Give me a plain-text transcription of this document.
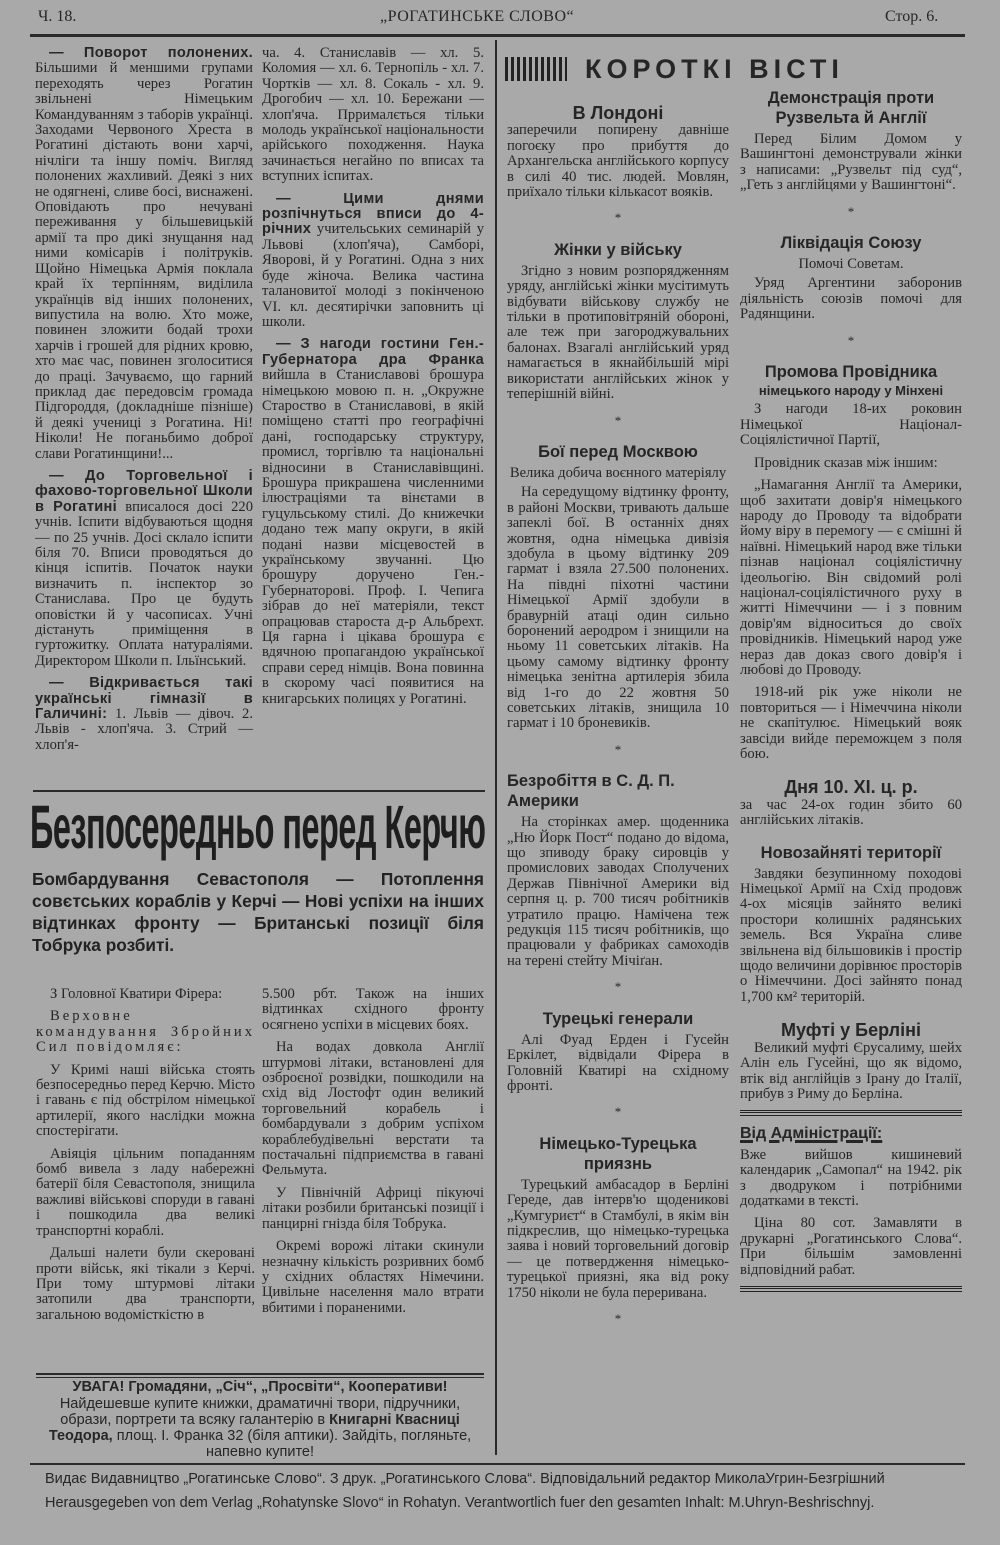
Ч. 18.	„РОГАТИНСЬКЕ СЛОВО“	Стор. 6.

— Поворот полонених. Більшими й меншими групами переходять через Рогатин звільнені Німецьким Командуванням з таборів українці. Заходами Червоного Хреста в Рогатині дістають вони харчі, нічліги та іншу поміч. Вигляд полонених жахливий. Деякі з них не одягнені, сливе босі, виснажені. Оповідають про нечувані переживання у більшевицькій армії та про дикі знущання над ними комісарів і політруків. Щойно Німецька Армія поклала край їх терпінням, виділила українців від інших полонених, випустила на волю. Хто може, повинен зложити бодай трохи харчів і грошей для рідних кровю, хто має час, повинен зголоситися до праці. Зачуваємо, що гарний приклад дає передовсім громада Підгороддя, (докладніше пізніше) й деякі учениці з Рогатина. Ні! Ніколи! Не поганьбимо доброї слави Рогатинщини!...

— До Торговельної і фахово-торговельної Школи в Рогатині вписалося досі 220 учнів. Іспити відбуваються щодня — по 25 учнів. Досі склало іспити біля 70. Вписи проводяться до кінця іспитів. Початок науки визначить п. інспектор зо Станислава. Про це будуть оповістки й у часописах. Учні дістануть приміщення в гуртожитку. Оплата натураліями. Директором Школи п. Ільїнський.

— Відкривається такі українські гімназії в Галичині: 1. Львів — дівоч. 2. Львів - хлоп'яча. 3. Стрий — хлоп'я-

ча. 4. Станиславів — хл. 5. Коломия — хл. 6. Тернопіль - хл. 7. Чортків — хл. 8. Сокаль - хл. 9. Дрогобич — хл. 10. Бережани — хлоп'яча. Пррималється тільки молодь української національности арійського походження. Наука зачинається негайно по вписах та вступних іспитах.

— Цими днями розпічнуться вписи до 4-річних учительських семинарій у Львові (хлоп'яча), Самборі, Яворові, й у Рогатині. Одна з них буде жіноча. Велика частина талановитої молоді з покінченою VI. кл. десятирічки заповнить ці школи.

— З нагоди гостини Ген.-Губернатора дра Франка вийшла в Станиславові брошура німецькою мовою п. н. „Окружне Староство в Станиславові, в якій поміщено статті про географічні дані, господарську структуру, промисл, торгівлю та національні відносини в Станиславівщині. Брошура прикрашена численними ілюстраціями та вінєтами в гуцульському стилі. До книжечки додано теж мапу округи, в якій подані назви місцевостей в українському звучанні. Цю брошуру доручено Ген.-Губернаторові. Проф. І. Чепига зібрав до неї матеріяли, текст опрацював староста д-р Альбрехт. Ця гарна і цікава брошура є вдячною пропагандою української справи серед німців. Вона повинна в скорому часі появитися на книгарських полицях у Рогатині.

Безпосередньо перед Керчю
Бомбардування Севастополя — Потоплення совєтських кораблів у Керчі — Нові успіхи на інших відтинках фронту — Британські позиції біля Тобрука розбиті.

З Головної Кватири Фірера:

Верховне командування Збройних Сил повідомляє:

У Кримі наші війська стоять безпосередньо перед Керчю. Місто і гавань є під обстрілом німецької артилерії, якого наслідки можна спостерігати.

Авіяція цільним попаданням бомб вивела з ладу набережні батерії біля Севастополя, знищила важливі військові споруди в гавані і пошкодила два великі транспортні кораблі.

Дальші налети були скеровані проти військ, які тікали з Керчі. При тому штурмові літаки затопили два транспорти, загальною водомісткістю в

5.500 рбт. Також на інших відтинках східного фронту осягнено успіхи в місцевих боях.

На водах довкола Англії штурмові літаки, встановлені для озброєної розвідки, пошкодили на схід від Лостофт один великий торговельний корабель і бомбардували з добрим успіхом кораблебудівельні верстати та постачальні підприємства в гавані Фельмута.

У Північній Африці пікуючі літаки розбили британські позиції і панцирні гнізда біля Тобрука.

Окремі ворожі літаки скинули незначну кількість розривних бомб у східних областях Німечини. Цивільне населення мало втрати вбитими і пораненими.

УВАГА! Громадяни, „Січ“, „Просвіти“, Кооперативи!
Найдешевше купите книжки, драматичні твори, підручники, образи, портрети та всяку галантерію в Книгарні Квасниці Теодора, площ. І. Франка 32 (біля аптики). Зайдіть, погляньте, напевно купите!
КОРОТКІ ВІСТІ
В Лондоні

заперечили попирену давніше погоєку про прибуття до Архангельска англійського корпусу в силі 40 тис. людей. Мовлян, приїхало тільки кількасот вояків.

*
Жінки у війську

Згідно з новим розпорядженням уряду, англійські жінки мусітимуть відбувати військову службу не тільки в протиповітряній обороні, але теж при загороджувальних балонах. Взагалі англійський уряд намагається в якнайбільшій мірі використати англійських жінок у теперішній війні.

*
Бої перед Москвою
Велика добича воєнного матеріялу

На середущому відтинку фронту, в районі Москви, тривають дальше запеклі бої. В останніх днях жовтня, одна німецька дивізія здобула в цьому відтинку 209 гармат і взяла 27.500 полонених. На півдні піхотні частини Німецької Армії здобули в бравурній атаці один сильно боронений аеродром і знищили на ньому 11 советських літаків. На цьому самому відтинку фронту німецька зенітна артилерія збила від 1-го до 22 жовтня 50 советських літаків, знищила 10 гармат і 10 броневиків.

*
Безробіття в С. Д. П. Америки

На сторінках амер. щоденника „Ню Йорк Пост“ подано до відома, що зпиводу браку сировців у промислових заводах Сполучених Держав Північної Америки від серпня ц. р. 700 тисяч робітників утратило працю. Намічена теж редукція 115 тисяч робітників, що працювали у фабриках самоходів на терені стейту Мічіґан.

*
Турецькі генерали

Алі Фуад Ерден і Гусейн Еркілет, відвідали Фірера в Головній Кватирі на східному фронті.

*
Німецько-Турецька приязнь

Турецький амбасадор в Берліні Гереде, дав інтерв'ю щоденикові „Кумгуриєт“ в Стамбулі, в якім він підкреслив, що німецько-турецька заява і новий торговельний договір — це потвердження німецько-турецької приязні, яка від року 1750 ніколи не була переривана.

*
Демонстрація проти Рузвельта й Англії

Перед Білим Домом у Вашингтоні демонстрували жінки з написами: „Рузвельт під суд“, „Геть з англійцями у Вашингтоні“.

*
Ліквідація Союзу
Помочі Советам.

Уряд Аргентини заборонив діяльність союзів помочі для Радянщини.

*
Промова Провідника
німецького народу у Мінхені

З нагоди 18-их роковин Німецької Націонал-Соціялістичної Партії,

Провідник сказав між іншим:

„Намагання Англії та Америки, щоб захитати довір'я німецького народу до Проводу та відобрати йому віру в перемогу — є смішні й наївні. Німецький народ вже тільки пізнав націонал соціялістичну ідеольогію. Він свідомий ролі націонал-соціялістичного руху в житті Німеччини — і з повним довір'ям відноситься до своїх провідників. Німецький народ уже нераз дав доказ свого довір'я і любові до Проводу.

1918-ий рік уже ніколи не повториться — і Німеччина ніколи не скапітулює. Німецький вояк завсіди вийде переможцем з поля бою.

Дня 10. XI. ц. р.

за час 24-ох годин збито 60 англійських літаків.

Новозайняті території

Завдяки безупинному походові Німецької Армії на Схід продовж 4-ох місяців зайнято великі простори колишніх радянських земель. Вся Україна сливе звільнена від більшовиків і простір щодо величини дорівнює просторів о Німеччини. Досі зайнято понад 1,700 км² територій.

Муфті у Берліні

Великий муфті Єрусалиму, шейх Алін ель Гусейні, що як відомо, втік від англійців з Ірану до Італії, прибув з Риму до Берліна.

Від Адміністрації:

Вже вийшов кишиневий календарик „Самопал“ на 1942. рік з дводруком і потрібними додатками в тексті.

Ціна 80 сот. Замавляти в друкарні „Рогатинського Слова“. При більшім замовленні відповідний рабат.

Видає Видавництво „Рогатинське Слово“. З друк. „Рогатинського Слова“. Відповідальний редактор МиколаУгрин-Безгрішний
Herausgegeben von dem Verlag „Rohatynske Slovo“ in Rohatyn. Verantwortlich fuer den gesamten Inhalt: M.Uhryn-Beshrischnyj.
